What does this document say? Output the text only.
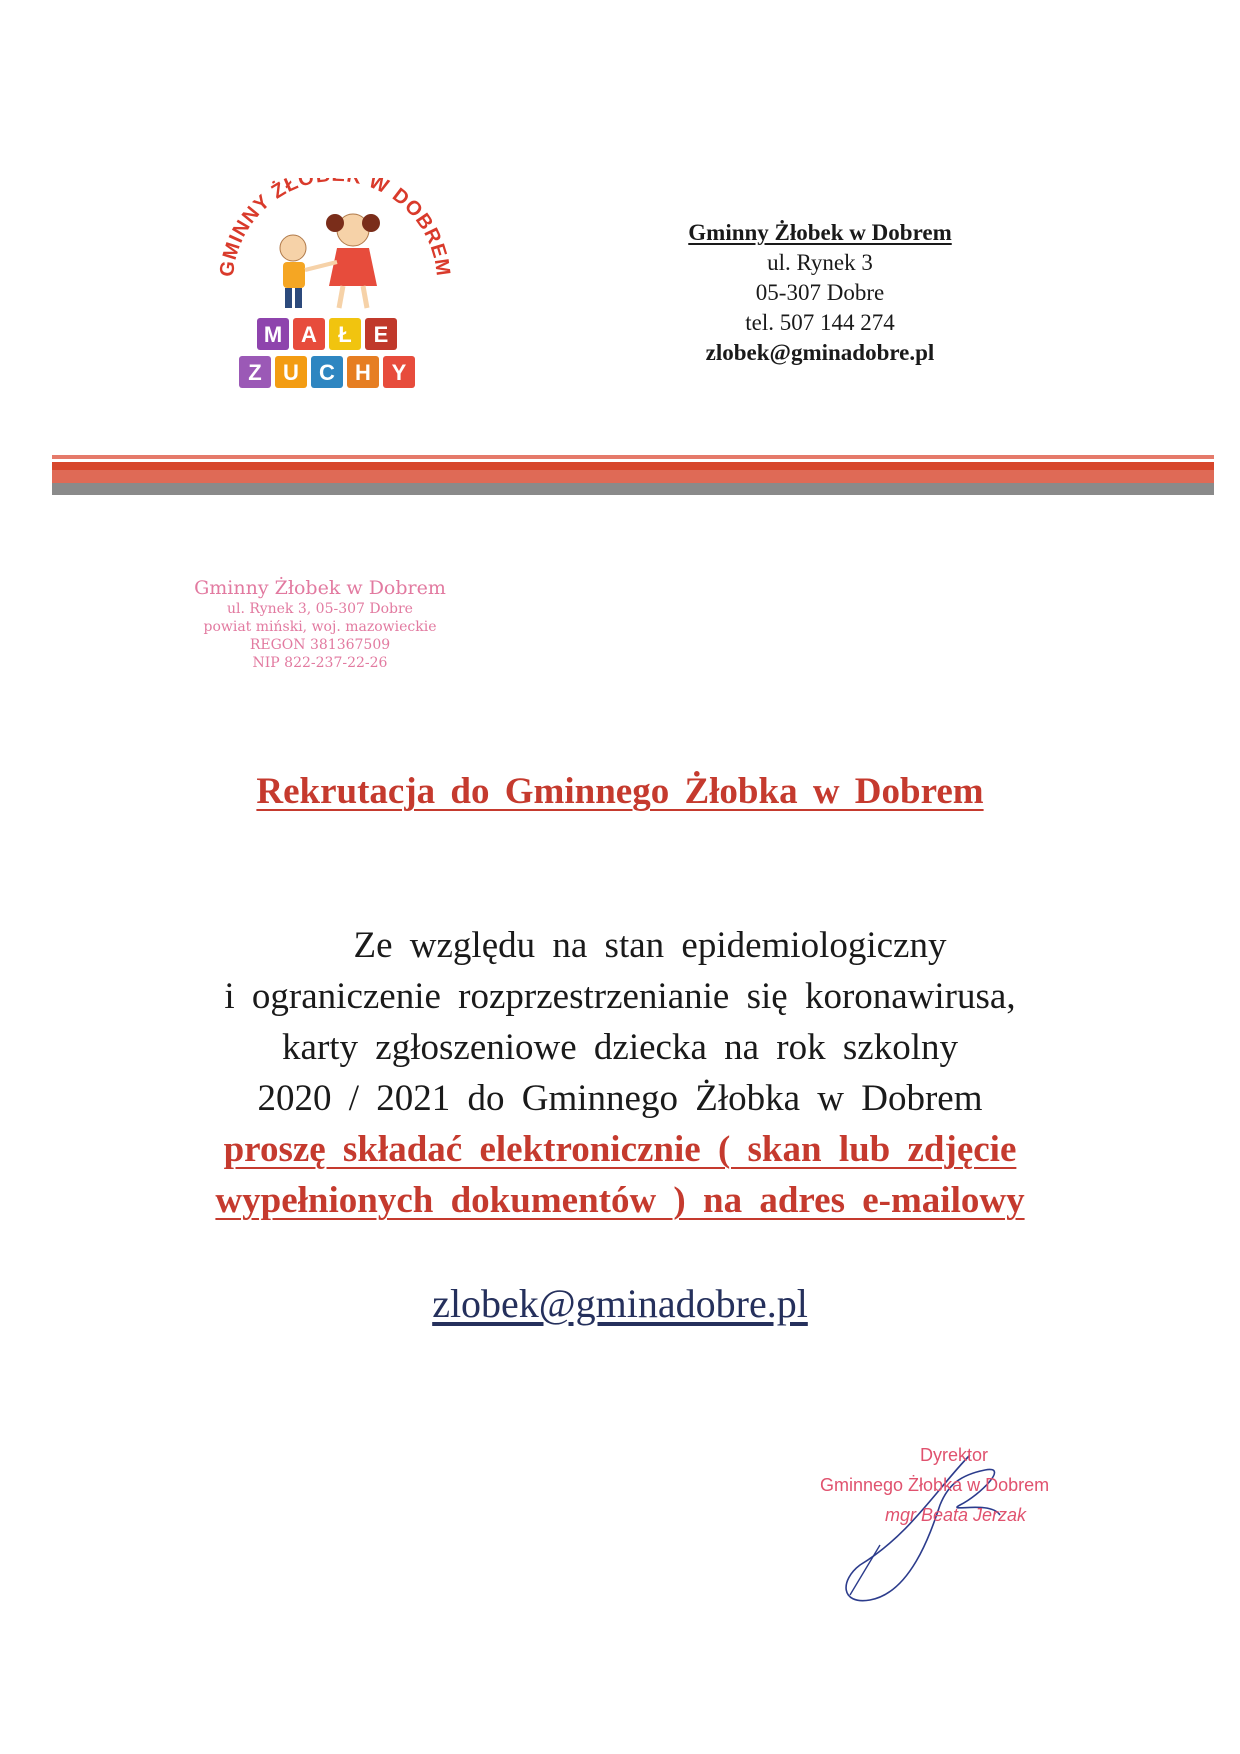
GMINNY ŻŁO W DOBREM
M A Ł E
Z U C H Y
Gminny Żłobek w Dobrem
ul. Rynek 3
05-307 Dobre
tel. 507 144 274
zlobek@gminadobre.pl
Gminny Żłobek w Dobrem
ul. Rynek 3, 05-307 Dobre
powiat miński, woj. mazowieckie
REGON 381367509
NIP 822-237-22-26
Rekrutacja do Gminnego Żłobka w Dobrem
Ze względu na stan epidemiologiczny
i ograniczenie rozprzestrzenianie się koronawirusa,
karty zgłoszeniowe dziecka na rok szkolny
2020 / 2021 do Gminnego Żłobka w Dobrem
proszę składać elektronicznie ( skan lub zdjęcie
wypełnionych dokumentów ) na adres e-mailowy
zlobek@gminadobre.pl
Dyrektor
Gminnego Żłobka w Dobrem
mgr Beata Jerzak
